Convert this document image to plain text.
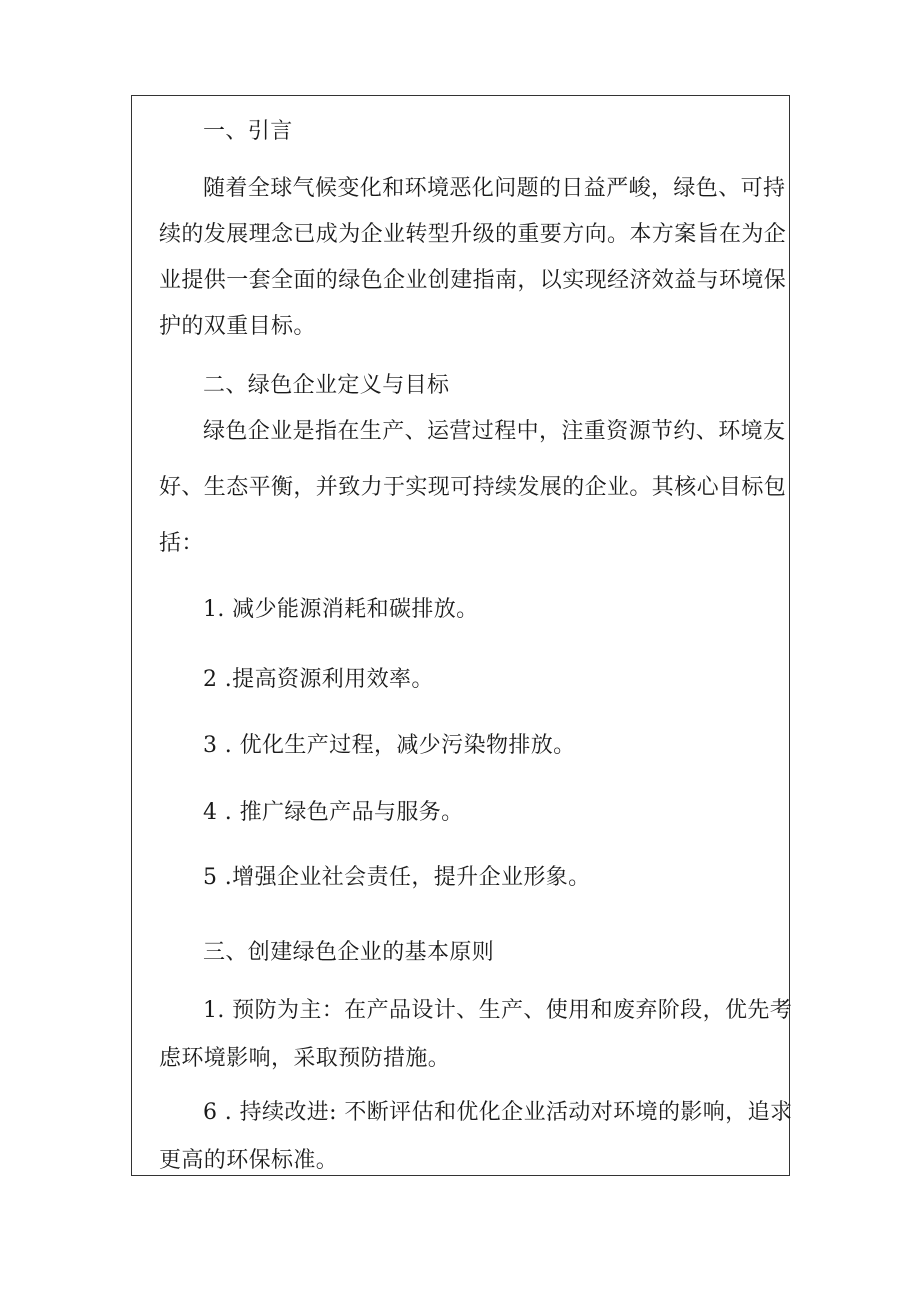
一、引言

随着全球气候变化和环境恶化问题的日益严峻，绿色、可持
续的发展理念已成为企业转型升级的重要方向。本方案旨在为企
业提供一套全面的绿色企业创建指南，以实现经济效益与环境保
护的双重目标。

二、绿色企业定义与目标

绿色企业是指在生产、运营过程中，注重资源节约、环境友
好、生态平衡，并致力于实现可持续发展的企业。其核心目标包
括：

1. 减少能源消耗和碳排放。

2 .提高资源利用效率。

3 . 优化生产过程，减少污染物排放。

4 . 推广绿色产品与服务。

5 .增强企业社会责任，提升企业形象。

三、创建绿色企业的基本原则

1. 预防为主：在产品设计、生产、使用和废弃阶段，优先考
虑环境影响，采取预防措施。
6 . 持续改进: 不断评估和优化企业活动对环境的影响，追求
更高的环保标准。
